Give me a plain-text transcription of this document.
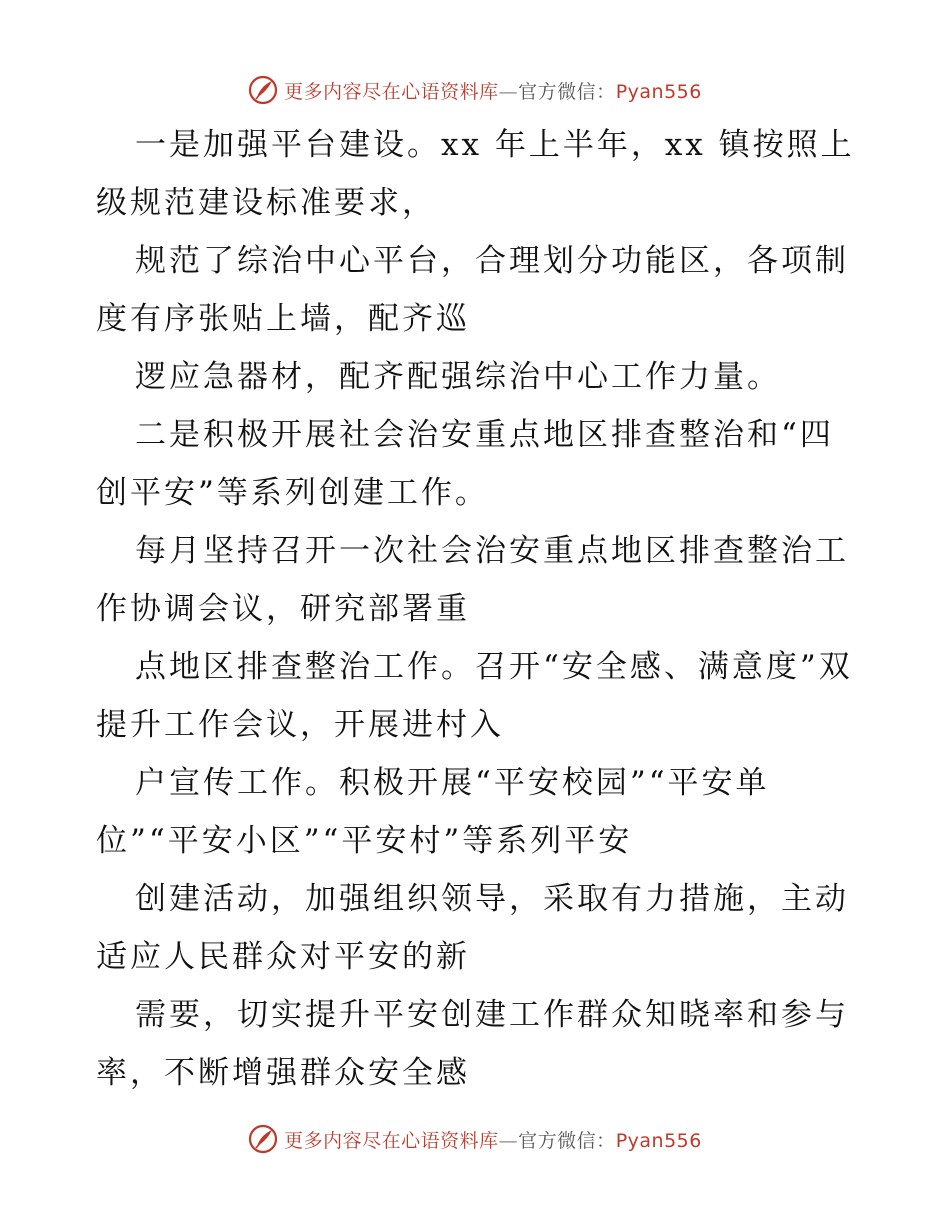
更多内容尽在心语资料库—官方微信：Pyan556

一是加强平台建设。xx 年上半年，xx 镇按照上级规范建设标准要求，

规范了综治中心平台，合理划分功能区，各项制度有序张贴上墙，配齐巡

逻应急器材，配齐配强综治中心工作力量。

二是积极开展社会治安重点地区排查整治和“四创平安”等系列创建工作。

每月坚持召开一次社会治安重点地区排查整治工作协调会议，研究部署重

点地区排查整治工作。召开“安全感、满意度”双提升工作会议，开展进村入

户宣传工作。积极开展“平安校园”“平安单位”“平安小区”“平安村”等系列平安

创建活动，加强组织领导，采取有力措施，主动适应人民群众对平安的新

需要，切实提升平安创建工作群众知晓率和参与率，不断增强群众安全感

更多内容尽在心语资料库—官方微信：Pyan556
